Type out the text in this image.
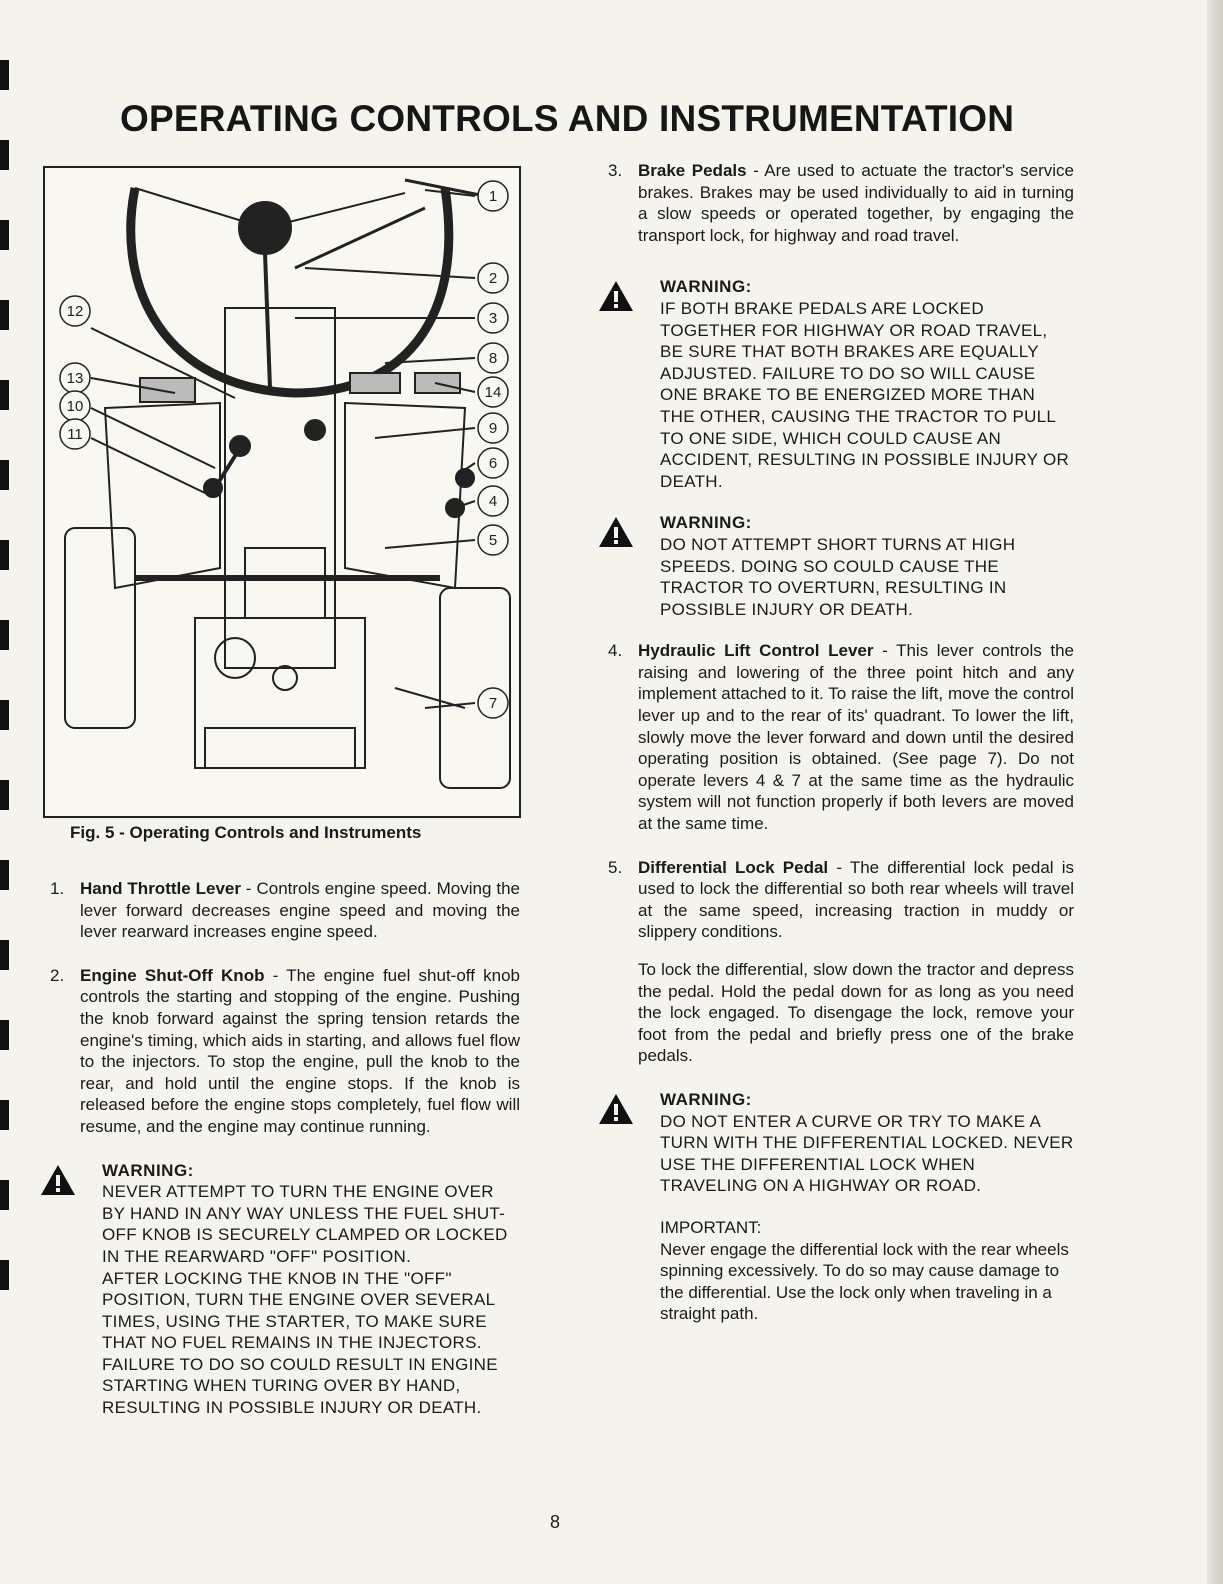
OPERATING CONTROLS AND INSTRUMENTATION
1
2
3
8
14
9
6
4
5
7
12
13
10
11
Fig. 5 - Operating Controls and Instruments
1. Hand Throttle Lever - Controls engine speed. Moving the lever forward decreases engine speed and moving the lever rearward increases engine speed.
2. Engine Shut-Off Knob - The engine fuel shut-off knob controls the starting and stopping of the engine. Pushing the knob forward against the spring tension retards the engine's timing, which aids in starting, and allows fuel flow to the injectors. To stop the engine, pull the knob to the rear, and hold until the engine stops. If the knob is released before the engine stops completely, fuel flow will resume, and the engine may continue running.
WARNING:

NEVER ATTEMPT TO TURN THE ENGINE OVER BY HAND IN ANY WAY UNLESS THE FUEL SHUT-OFF KNOB IS SECURELY CLAMPED OR LOCKED IN THE REARWARD "OFF" POSITION.

AFTER LOCKING THE KNOB IN THE "OFF" POSITION, TURN THE ENGINE OVER SEVERAL TIMES, USING THE STARTER, TO MAKE SURE THAT NO FUEL REMAINS IN THE INJECTORS. FAILURE TO DO SO COULD RESULT IN ENGINE STARTING WHEN TURING OVER BY HAND, RESULTING IN POSSIBLE INJURY OR DEATH.

3. Brake Pedals - Are used to actuate the tractor's service brakes. Brakes may be used individually to aid in turning a slow speeds or operated together, by engaging the transport lock, for highway and road travel.
WARNING:

IF BOTH BRAKE PEDALS ARE LOCKED TOGETHER FOR HIGHWAY OR ROAD TRAVEL, BE SURE THAT BOTH BRAKES ARE EQUALLY ADJUSTED. FAILURE TO DO SO WILL CAUSE ONE BRAKE TO BE ENERGIZED MORE THAN THE OTHER, CAUSING THE TRACTOR TO PULL TO ONE SIDE, WHICH COULD CAUSE AN ACCIDENT, RESULTING IN POSSIBLE INJURY OR DEATH.

WARNING:

DO NOT ATTEMPT SHORT TURNS AT HIGH SPEEDS. DOING SO COULD CAUSE THE TRACTOR TO OVERTURN, RESULTING IN POSSIBLE INJURY OR DEATH.

4. Hydraulic Lift Control Lever - This lever controls the raising and lowering of the three point hitch and any implement attached to it. To raise the lift, move the control lever up and to the rear of its' quadrant. To lower the lift, slowly move the lever forward and down until the desired operating position is obtained. (See page 7). Do not operate levers 4 & 7 at the same time as the hydraulic system will not function properly if both levers are moved at the same time.
5. Differential Lock Pedal - The differential lock pedal is used to lock the differential so both rear wheels will travel at the same speed, increasing traction in muddy or slippery conditions.
To lock the differential, slow down the tractor and depress the pedal. Hold the pedal down for as long as you need the lock engaged. To disengage the lock, remove your foot from the pedal and briefly press one of the brake pedals.
WARNING:

DO NOT ENTER A CURVE OR TRY TO MAKE A TURN WITH THE DIFFERENTIAL LOCKED. NEVER USE THE DIFFERENTIAL LOCK WHEN TRAVELING ON A HIGHWAY OR ROAD.

IMPORTANT:
Never engage the differential lock with the rear wheels spinning excessively. To do so may cause damage to the differential. Use the lock only when traveling in a straight path.
8
